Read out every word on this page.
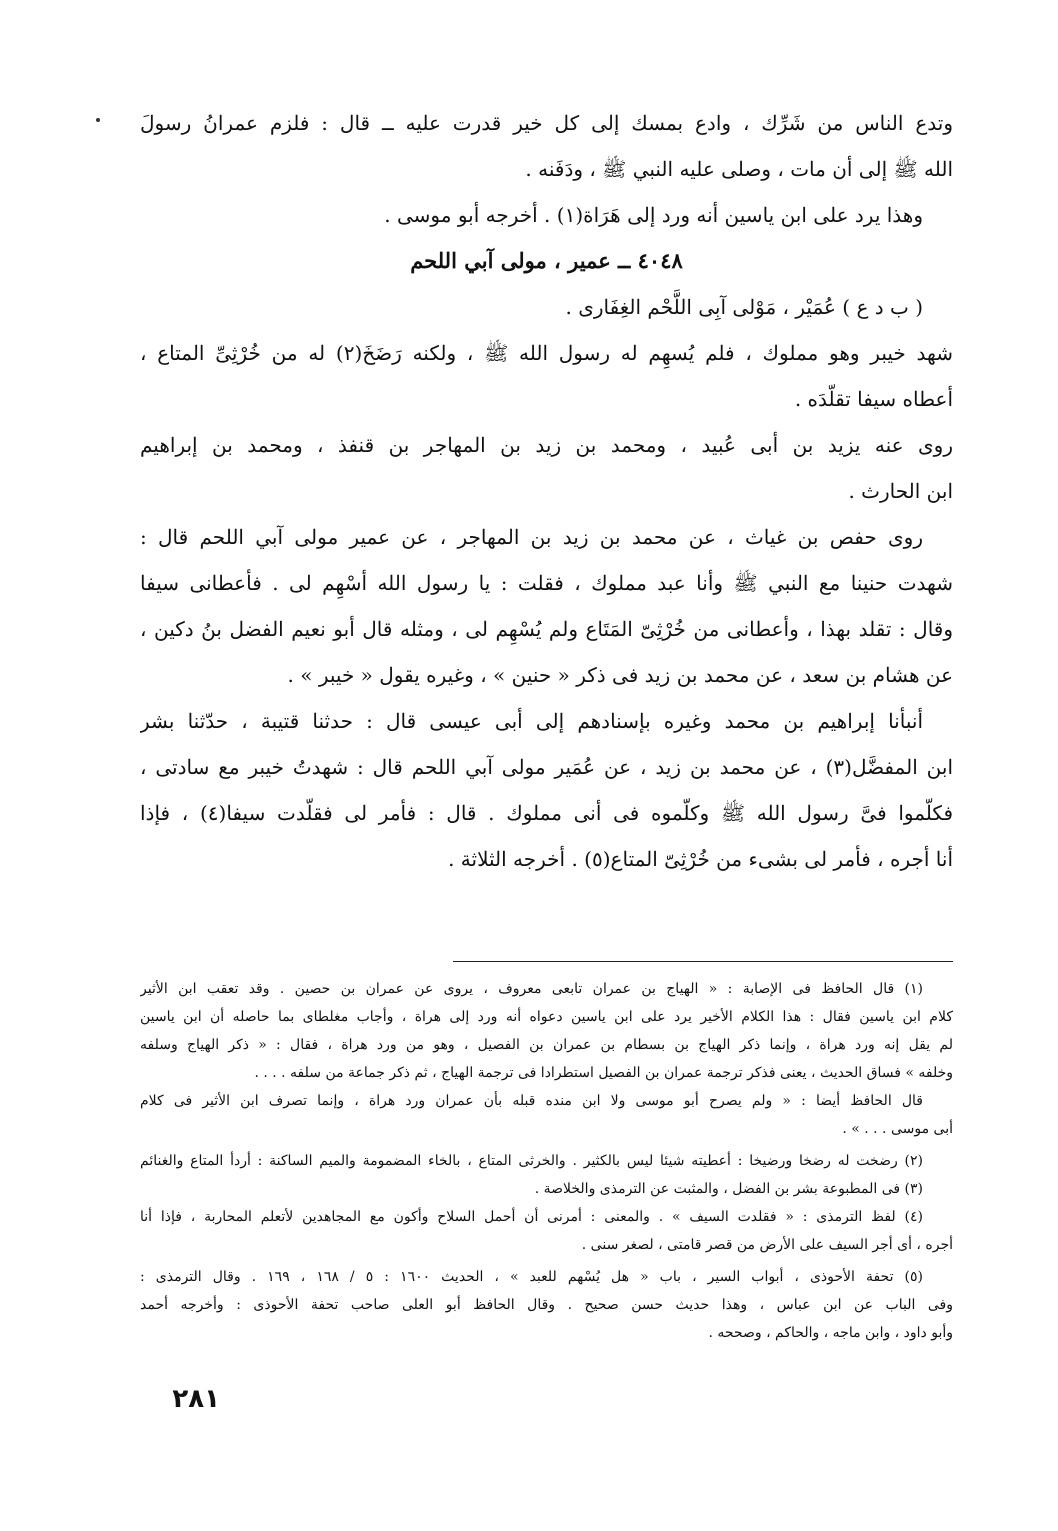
وتدع الناس من شَرِّك ، وادع بمسك إلى كل خير قدرت عليه ــ قال : فلزم عمرانُ رسولَ
الله ﷺ إلى أن مات ، وصلى عليه النبي ﷺ ، ودَفَنه .
وهذا يرد على ابن ياسين أنه ورد إلى هَرَاة(١) . أخرجه أبو موسى .
٤٠٤٨ ــ عمير ، مولى آبي اللحم
( ب د ع ) عُمَيْر ، مَوْلى آبِى اللَّحْم الغِفَارى .
شهد خيبر وهو مملوك ، فلم يُسهِم له رسول الله ﷺ ، ولكنه رَضَخَ(٢) له من خُرْثِىِّ المتاع ،
أعطاه سيفا تقلّدَه .
روى عنه يزيد بن أبى عُبيد ، ومحمد بن زيد بن المهاجر بن قنفذ ، ومحمد بن إبراهيم
ابن الحارث .
روى حفص بن غياث ، عن محمد بن زيد بن المهاجر ، عن عمير مولى آبي اللحم قال :
شهدت حنينا مع النبي ﷺ وأنا عبد مملوك ، فقلت : يا رسول الله أسْهِم لى . فأعطانى سيفا
وقال : تقلد بهذا ، وأعطانى من خُرْثِىّ المَتَاع ولم يُسْهِم لى ، ومثله قال أبو نعيم الفضل بنُ دكين ،
عن هشام بن سعد ، عن محمد بن زيد فى ذكر « حنين » ، وغيره يقول « خيبر » .
أنبأنا إبراهيم بن محمد وغيره بإسنادهم إلى أبى عيسى قال : حدثنا قتيبة ، حدّثنا بشر
ابن المفضَّل(٣) ، عن محمد بن زيد ، عن عُمَير مولى آبي اللحم قال : شهدتُ خيبر مع سادتى ،
فكلّموا فىَّ رسول الله ﷺ وكلّموه فى أنى مملوك . قال : فأمر لى فقلّدت سيفا(٤) ، فإذا
أنا أجره ، فأمر لى بشىء من خُرْثِىّ المتاع(٥) . أخرجه الثلاثة .
(١) قال الحافظ فى الإصابة : « الهياج بن عمران تابعى معروف ، يروى عن عمران بن حصين . وقد تعقب ابن الأثير
كلام ابن ياسين فقال : هذا الكلام الأخير يرد على ابن ياسين دعواه أنه ورد إلى هراة ، وأجاب مغلطاى بما حاصله أن ابن ياسين
لم يقل إنه ورد هراة ، وإنما ذكر الهياج بن بسطام بن عمران بن الفصيل ، وهو من ورد هراة ، فقال : « ذكر الهياج وسلفه
وخلفه » فساق الحديث ، يعنى فذكر ترجمة عمران بن الفصيل استطرادا فى ترجمة الهياج ، ثم ذكر جماعة من سلفه . . . .
قال الحافظ أيضا : « ولم يصرح أبو موسى ولا ابن منده قبله بأن عمران ورد هراة ، وإنما تصرف ابن الأثير فى كلام
أبى موسى . . . » .
(٢) رضخت له رضخا ورضيخا : أعطيته شيئا ليس بالكثير . والخرثى المتاع ، بالخاء المضمومة والميم الساكنة : أردأ المتاع والغنائم
(٣) فى المطبوعة بشر بن الفضل ، والمثبت عن الترمذى والخلاصة .
(٤) لفظ الترمذى : « فقلدت السيف » . والمعنى : أمرنى أن أحمل السلاح وأكون مع المجاهدين لأتعلم المحاربة ، فإذا أنا
أجره ، أى أجر السيف على الأرض من قصر قامتى ، لصغر سنى .
(٥) تحفة الأحوذى ، أبواب السير ، باب « هل يُسْهم للعبد » ، الحديث ١٦٠٠ : ٥ / ١٦٨ ، ١٦٩ . وقال الترمذى :
وفى الباب عن ابن عباس ، وهذا حديث حسن صحيح . وقال الحافظ أبو العلى صاحب تحفة الأحوذى : وأخرجه أحمد
وأبو داود ، وابن ماجه ، والحاكم ، وصححه .
٢٨١
